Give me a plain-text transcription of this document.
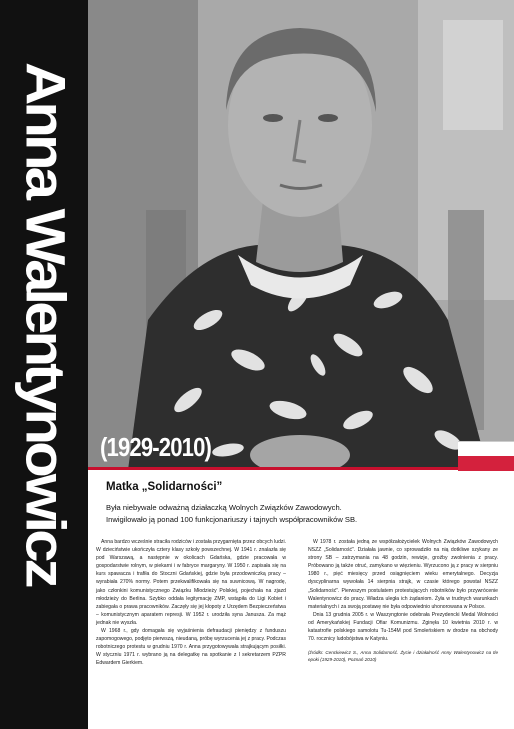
Anna Walentynowicz (1929-2010)
Matka „Solidarności”

Była niebywale odważną działaczką Wolnych Związków Zawodowych.

Inwigilowało ją ponad 100 funkcjonariuszy i tajnych współpracowników SB.

Anna bardzo wcześnie straciła rodziców i została przygarnięta przez obcych ludzi. W dzieciństwie ukończyła cztery klasy szkoły powszechnej. W 1941 r. znalazła się pod Warszawą, a następnie w okolicach Gdańska, gdzie pracowała w gospodarstwie rolnym, w piekarni i w fabryce margaryny. W 1950 r. zapisała się na kurs spawacza i trafiła do Stoczni Gdańskiej, gdzie była przodowniczką pracy – wyrabiała 270% normy. Potem przekwalifikowała się na suwnicową. W nagrodę, jako członkini komunistycznego Związku Młodzieży Polskiej, pojechała na zjazd młodzieży do Berlina. Szybko oddała legitymację ZMP, wstąpiła do Ligi Kobiet i zabiegała o prawa pracowników. Zaczęły się jej kłopoty z Urzędem Bezpieczeństwa – komunistycznym aparatem represji. W 1952 r. urodziła syna Janusza. Za mąż jednak nie wyszła.

W 1968 r., gdy domagała się wyjaśnienia defraudacji pieniędzy z funduszu zapomogowego, podjęto pierwszą, nieudaną, próbę wyrzucenia jej z pracy. Podczas robotniczego protestu w grudniu 1970 r. Anna przygotowywała strajkującym posiłki. W styczniu 1971 r. wybrano ją na delegatkę na spotkanie z I sekretarzem PZPR Edwardem Gierkiem.

W 1978 r. została jedną ze współzałożycielek Wolnych Związków Zawodowych NSZZ „Solidarność”. Działała jawnie, co sprowadziło na nią dotkliwe szykany ze strony SB – zatrzymania na 48 godzin, rewizje, groźby zwolnienia z pracy. Próbowano ją także otruć, zamykano w więzieniu. Wyrzucono ją z pracy w sierpniu 1980 r., pięć miesięcy przed osiągnięciem wieku emerytalnego. Decyzja dyscyplinarna wywołała 14 sierpnia strajk, w czasie którego powstał NSZZ „Solidarność”. Pierwszym postulatem protestujących robotników było przywrócenie Walentynowicz do pracy. Władza uległa ich żądaniom. Żyła w trudnych warunkach materialnych i za swoją postawę nie była odpowiednio uhonorowana w Polsce.

Dnia 13 grudnia 2005 r. w Waszyngtonie odebrała Prezydencki Medal Wolności od Amerykańskiej Fundacji Ofiar Komunizmu. Zginęła 10 kwietnia 2010 r. w katastrofie polskiego samolotu Tu-154M pod Smoleńskiem w drodze na obchody 70. rocznicy ludobójstwa w Katyniu.

(źródło: Cenckiewicz S., Anna Solidarność. Życie i działalność Anny Walentynowicz na tle epoki (1929-2010), Poznań 2010)
